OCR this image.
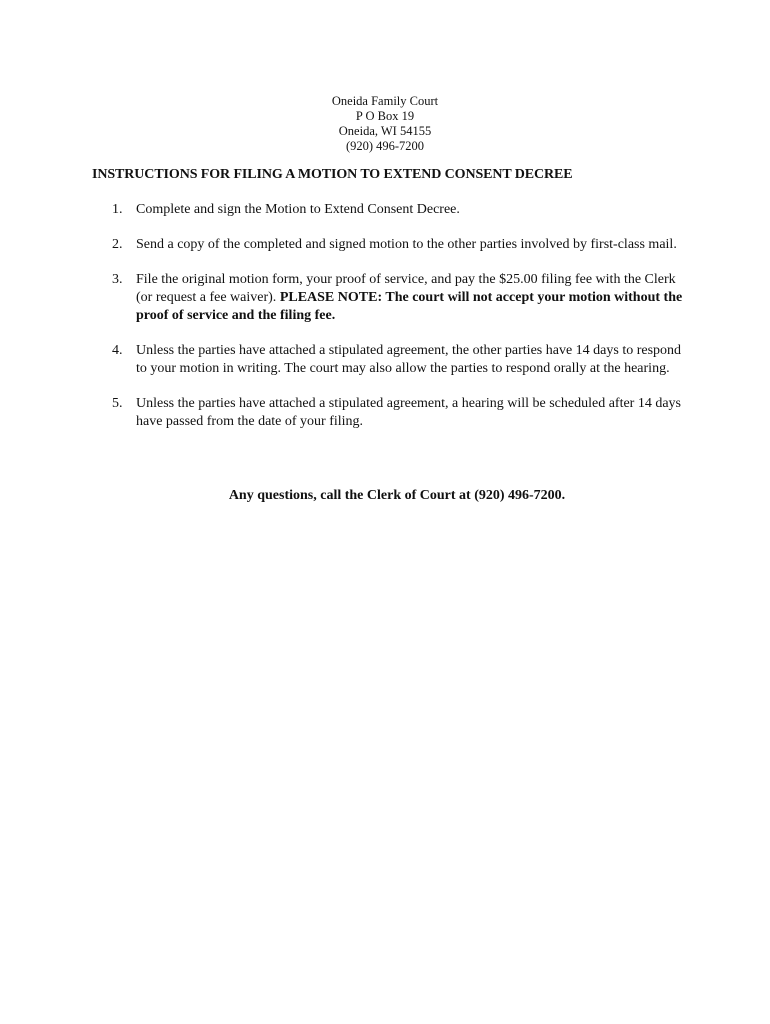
Oneida Family Court
P O Box 19
Oneida, WI 54155
(920) 496-7200
INSTRUCTIONS FOR FILING A MOTION TO EXTEND CONSENT DECREE
1. Complete and sign the Motion to Extend Consent Decree.
2. Send a copy of the completed and signed motion to the other parties involved by first-class mail.
3. File the original motion form, your proof of service, and pay the $25.00 filing fee with the Clerk (or request a fee waiver). PLEASE NOTE: The court will not accept your motion without the proof of service and the filing fee.
4. Unless the parties have attached a stipulated agreement, the other parties have 14 days to respond to your motion in writing. The court may also allow the parties to respond orally at the hearing.
5. Unless the parties have attached a stipulated agreement, a hearing will be scheduled after 14 days have passed from the date of your filing.
Any questions, call the Clerk of Court at (920) 496-7200.
